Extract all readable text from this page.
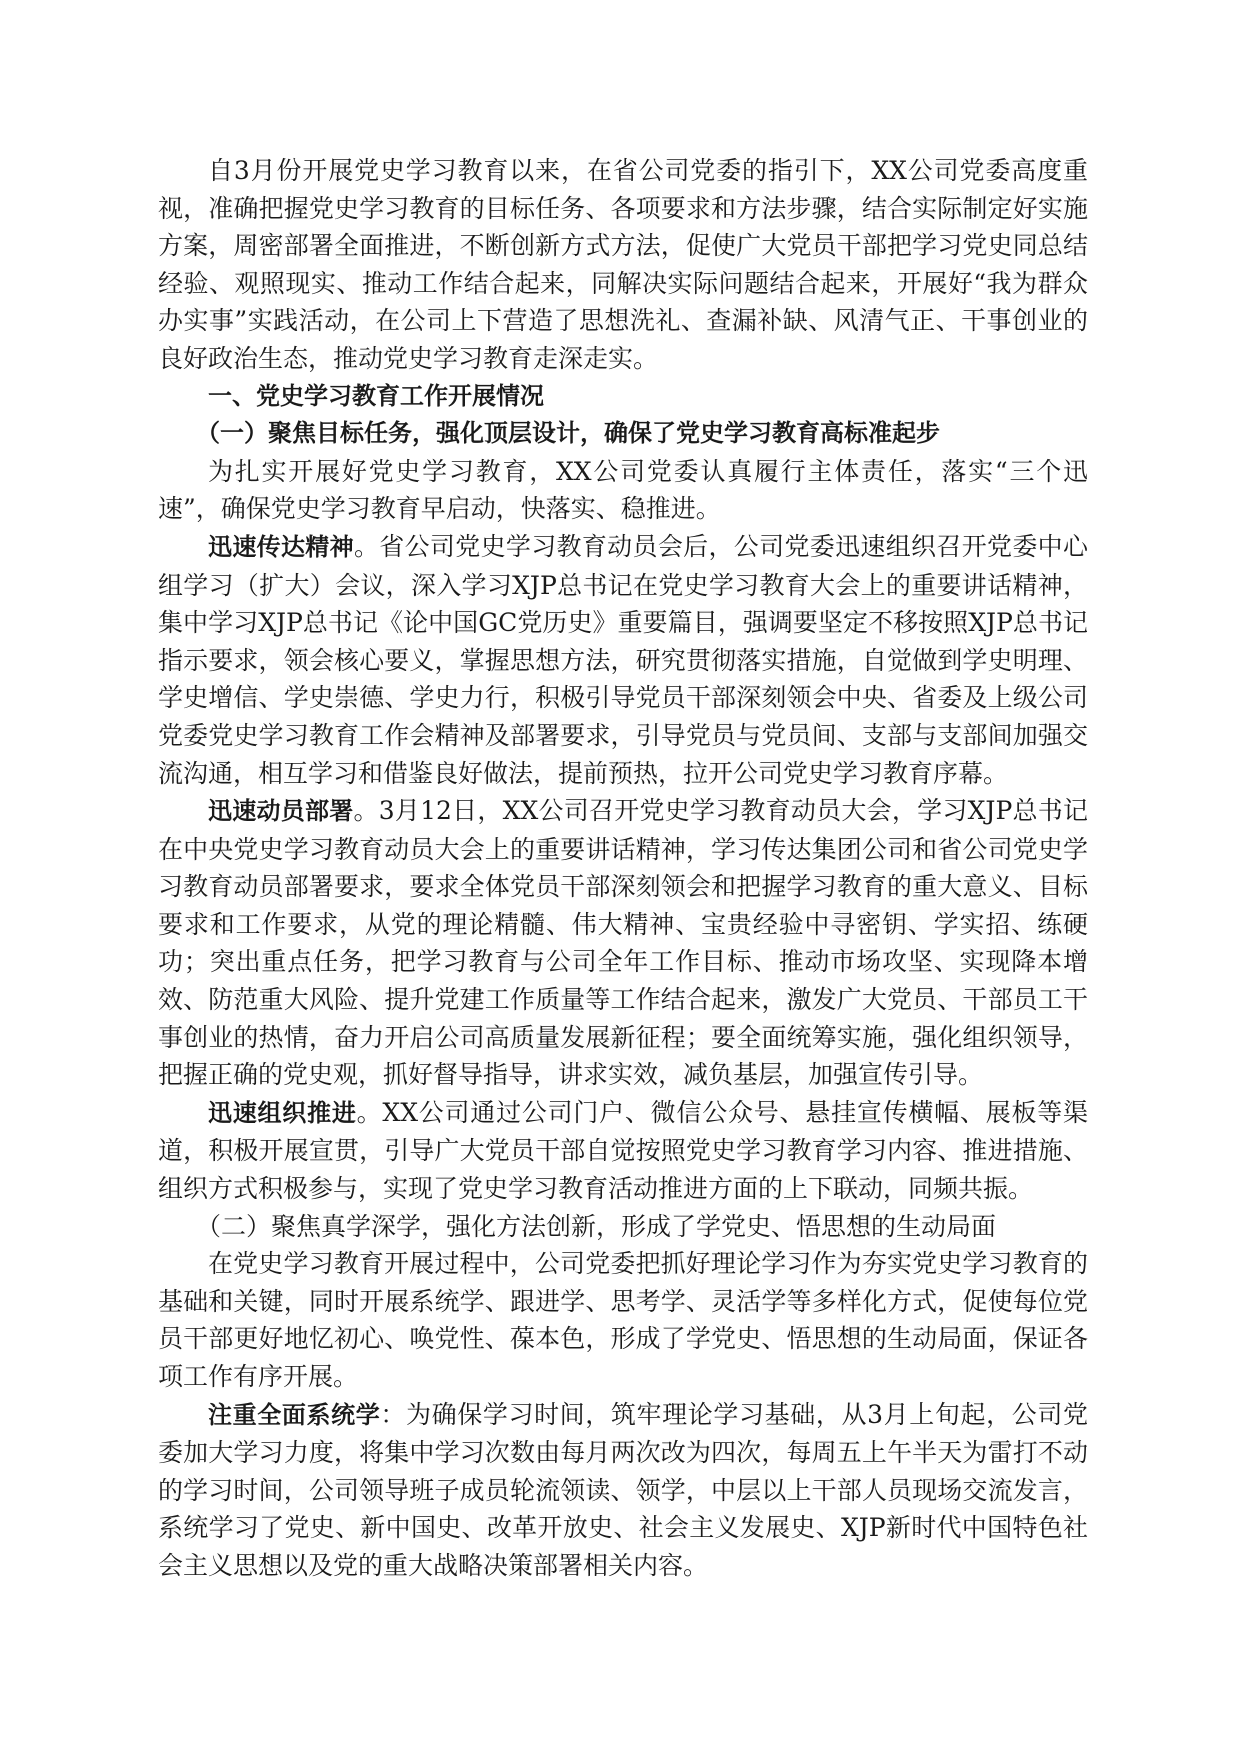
自3月份开展党史学习教育以来，在省公司党委的指引下，XX公司党委高度重视，准确把握党史学习教育的目标任务、各项要求和方法步骤，结合实际制定好实施方案，周密部署全面推进，不断创新方式方法，促使广大党员干部把学习党史同总结经验、观照现实、推动工作结合起来，同解决实际问题结合起来，开展好“我为群众办实事”实践活动，在公司上下营造了思想洗礼、查漏补缺、风清气正、干事创业的良好政治生态，推动党史学习教育走深走实。

一、党史学习教育工作开展情况

（一）聚焦目标任务，强化顶层设计，确保了党史学习教育高标准起步

为扎实开展好党史学习教育，XX公司党委认真履行主体责任，落实“三个迅速”，确保党史学习教育早启动，快落实、稳推进。

迅速传达精神。省公司党史学习教育动员会后，公司党委迅速组织召开党委中心组学习（扩大）会议，深入学习XJP总书记在党史学习教育大会上的重要讲话精神，集中学习XJP总书记《论中国GC党历史》重要篇目，强调要坚定不移按照XJP总书记指示要求，领会核心要义，掌握思想方法，研究贯彻落实措施，自觉做到学史明理、学史增信、学史崇德、学史力行，积极引导党员干部深刻领会中央、省委及上级公司党委党史学习教育工作会精神及部署要求，引导党员与党员间、支部与支部间加强交流沟通，相互学习和借鉴良好做法，提前预热，拉开公司党史学习教育序幕。

迅速动员部署。3月12日，XX公司召开党史学习教育动员大会，学习XJP总书记在中央党史学习教育动员大会上的重要讲话精神，学习传达集团公司和省公司党史学习教育动员部署要求，要求全体党员干部深刻领会和把握学习教育的重大意义、目标要求和工作要求，从党的理论精髓、伟大精神、宝贵经验中寻密钥、学实招、练硬功；突出重点任务，把学习教育与公司全年工作目标、推动市场攻坚、实现降本增效、防范重大风险、提升党建工作质量等工作结合起来，激发广大党员、干部员工干事创业的热情，奋力开启公司高质量发展新征程；要全面统筹实施，强化组织领导，把握正确的党史观，抓好督导指导，讲求实效，减负基层，加强宣传引导。

迅速组织推进。XX公司通过公司门户、微信公众号、悬挂宣传横幅、展板等渠道，积极开展宣贯，引导广大党员干部自觉按照党史学习教育学习内容、推进措施、组织方式积极参与，实现了党史学习教育活动推进方面的上下联动，同频共振。

（二）聚焦真学深学，强化方法创新，形成了学党史、悟思想的生动局面

在党史学习教育开展过程中，公司党委把抓好理论学习作为夯实党史学习教育的基础和关键，同时开展系统学、跟进学、思考学、灵活学等多样化方式，促使每位党员干部更好地忆初心、唤党性、葆本色，形成了学党史、悟思想的生动局面，保证各项工作有序开展。

注重全面系统学：为确保学习时间，筑牢理论学习基础，从3月上旬起，公司党委加大学习力度，将集中学习次数由每月两次改为四次，每周五上午半天为雷打不动的学习时间，公司领导班子成员轮流领读、领学，中层以上干部人员现场交流发言，系统学习了党史、新中国史、改革开放史、社会主义发展史、XJP新时代中国特色社会主义思想以及党的重大战略决策部署相关内容。
